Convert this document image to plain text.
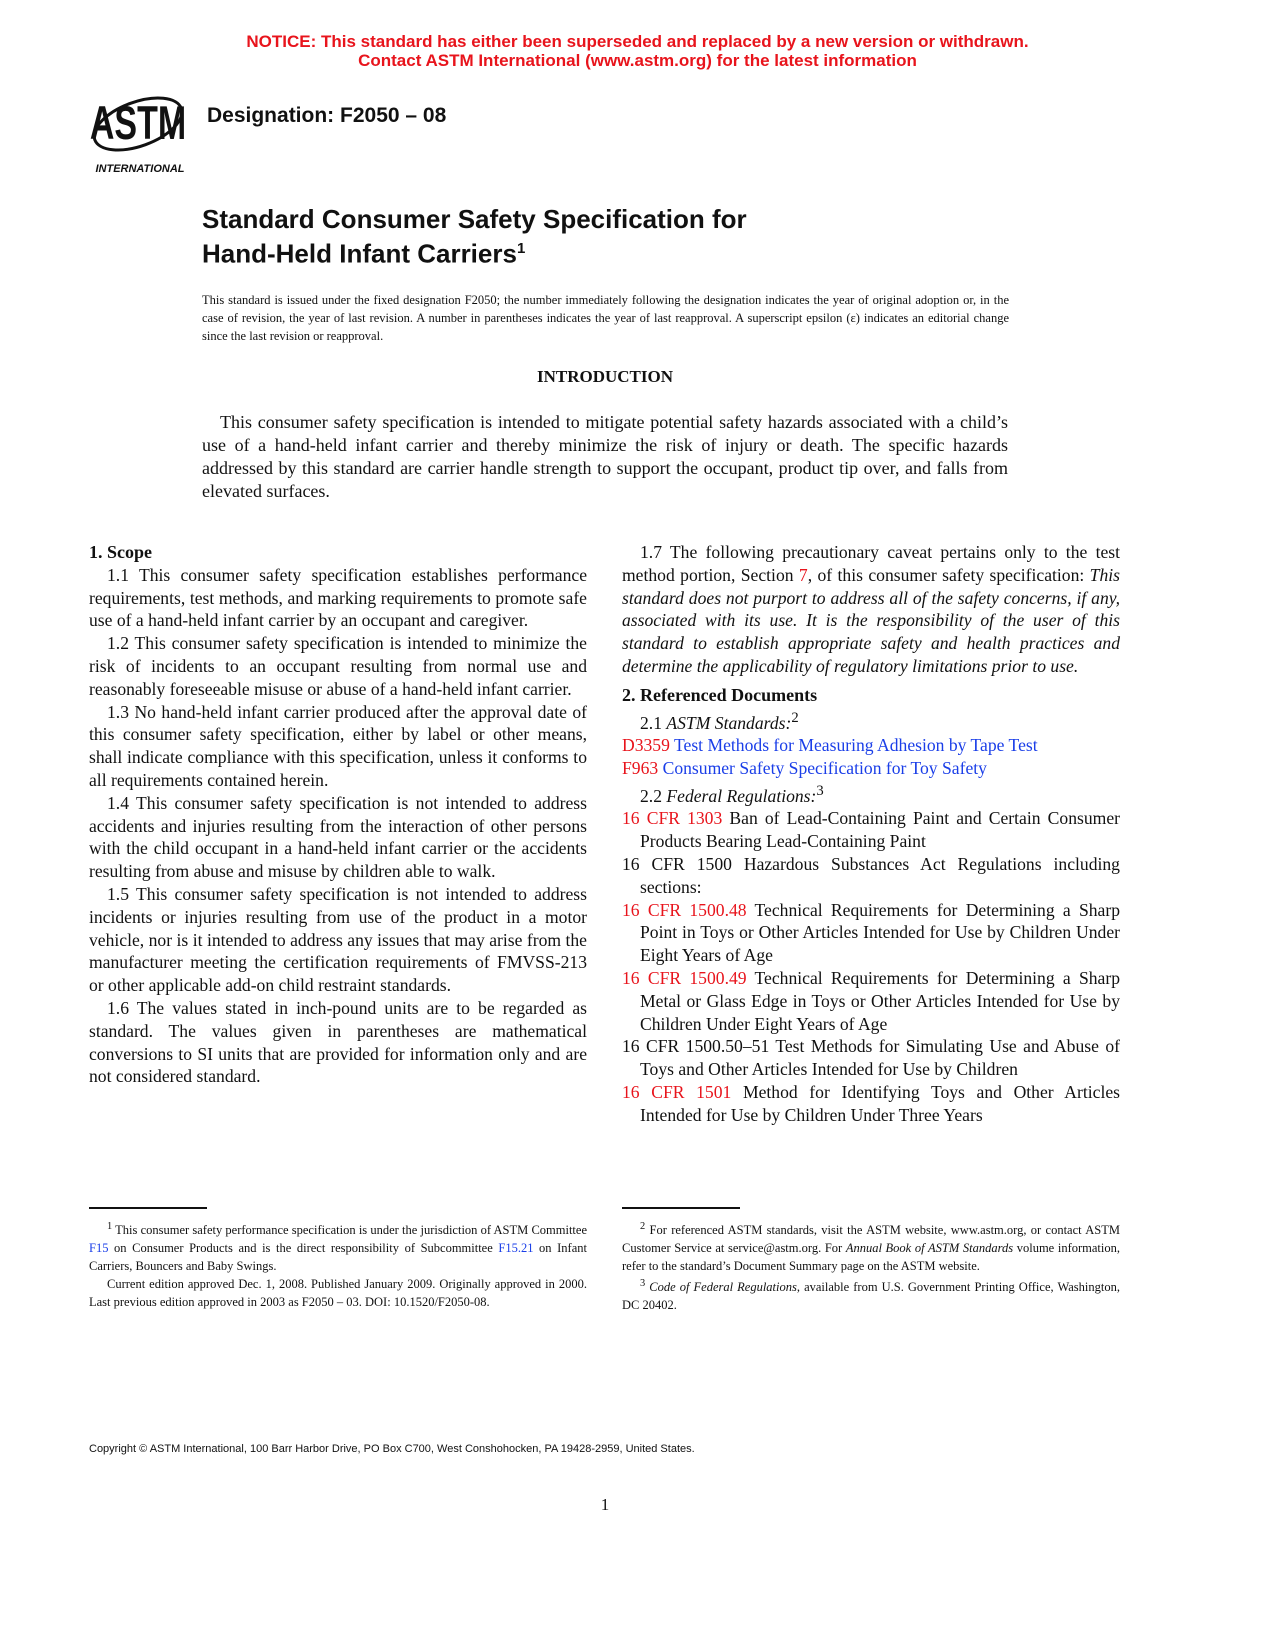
NOTICE: This standard has either been superseded and replaced by a new version or withdrawn.
Contact ASTM International (www.astm.org) for the latest information
ASTM
INTERNATIONAL
Designation: F2050 – 08
Standard Consumer Safety Specification for
Hand-Held Infant Carriers$^1$
This standard is issued under the fixed designation F2050; the number immediately following the designation indicates the year of original adoption or, in the case of revision, the year of last revision. A number in parentheses indicates the year of last reapproval. A superscript epsilon (ε) indicates an editorial change since the last revision or reapproval.
INTRODUCTION
This consumer safety specification is intended to mitigate potential safety hazards associated with a child’s use of a hand-held infant carrier and thereby minimize the risk of injury or death. The specific hazards addressed by this standard are carrier handle strength to support the occupant, product tip over, and falls from elevated surfaces.
1. Scope

1.1 This consumer safety specification establishes performance requirements, test methods, and marking requirements to promote safe use of a hand-held infant carrier by an occupant and caregiver.

1.2 This consumer safety specification is intended to minimize the risk of incidents to an occupant resulting from normal use and reasonably foreseeable misuse or abuse of a hand-held infant carrier.

1.3 No hand-held infant carrier produced after the approval date of this consumer safety specification, either by label or other means, shall indicate compliance with this specification, unless it conforms to all requirements contained herein.

1.4 This consumer safety specification is not intended to address accidents and injuries resulting from the interaction of other persons with the child occupant in a hand-held infant carrier or the accidents resulting from abuse and misuse by children able to walk.

1.5 This consumer safety specification is not intended to address incidents or injuries resulting from use of the product in a motor vehicle, nor is it intended to address any issues that may arise from the manufacturer meeting the certification requirements of FMVSS-213 or other applicable add-on child restraint standards.

1.6 The values stated in inch-pound units are to be regarded as standard. The values given in parentheses are mathematical conversions to SI units that are provided for information only and are not considered standard.

1.7 The following precautionary caveat pertains only to the test method portion, Section 7, of this consumer safety specification: This standard does not purport to address all of the safety concerns, if any, associated with its use. It is the responsibility of the user of this standard to establish appropriate safety and health practices and determine the applicability of regulatory limitations prior to use.

2. Referenced Documents

2.1 ASTM Standards:$^2$

D3359 Test Methods for Measuring Adhesion by Tape Test

F963 Consumer Safety Specification for Toy Safety

2.2 Federal Regulations:$^3$

16 CFR 1303 Ban of Lead-Containing Paint and Certain Consumer Products Bearing Lead-Containing Paint

16 CFR 1500 Hazardous Substances Act Regulations including sections:

16 CFR 1500.48 Technical Requirements for Determining a Sharp Point in Toys or Other Articles Intended for Use by Children Under Eight Years of Age

16 CFR 1500.49 Technical Requirements for Determining a Sharp Metal or Glass Edge in Toys or Other Articles Intended for Use by Children Under Eight Years of Age

16 CFR 1500.50–51 Test Methods for Simulating Use and Abuse of Toys and Other Articles Intended for Use by Children

16 CFR 1501 Method for Identifying Toys and Other Articles Intended for Use by Children Under Three Years

$^1$ This consumer safety performance specification is under the jurisdiction of ASTM Committee F15 on Consumer Products and is the direct responsibility of Subcommittee F15.21 on Infant Carriers, Bouncers and Baby Swings.

Current edition approved Dec. 1, 2008. Published January 2009. Originally approved in 2000. Last previous edition approved in 2003 as F2050 – 03. DOI: 10.1520/F2050-08.

$^2$ For referenced ASTM standards, visit the ASTM website, www.astm.org, or contact ASTM Customer Service at service@astm.org. For Annual Book of ASTM Standards volume information, refer to the standard’s Document Summary page on the ASTM website.

$^3$ Code of Federal Regulations, available from U.S. Government Printing Office, Washington, DC 20402.

Copyright © ASTM International, 100 Barr Harbor Drive, PO Box C700, West Conshohocken, PA 19428-2959, United States.
1
